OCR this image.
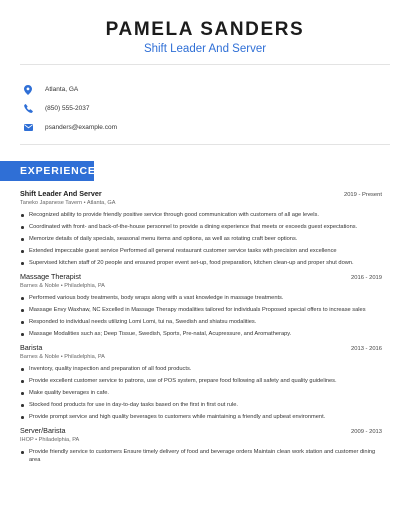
PAMELA SANDERS
Shift Leader And Server
Atlanta, GA
(850) 555-2037
psanders@example.com
EXPERIENCE
Shift Leader And Server	2019 - Present
Taneko Japanese Tavern • Atlanta, GA
Recognized ability to provide friendly positive service through good communication with customers of all age levels.
Coordinated with front- and back-of-the-house personnel to provide a dining experience that meets or exceeds guest expectations.
Memorize details of daily specials, seasonal menu items and options, as well as rotating craft beer options.
Extended impeccable guest service Performed all general restaurant customer service tasks with precision and excellence
Supervised kitchen staff of 20 people and ensured proper event set-up, food preparation, kitchen clean-up and proper shut down.
Massage Therapist	2016 - 2019
Barnes & Noble • Philadelphia, PA
Performed various body treatments, body wraps along with a vast knowledge in massage treatments.
Massage Envy Waxhaw, NC Excelled in Massage Therapy modalities tailored for individuals Proposed special offers to increase sales
Responded to individual needs utilizing Lomi Lomi, tui na, Swedish and shiatsu modalities.
Massage Modalities such as; Deep Tissue, Swedish, Sports, Pre-natal, Acupressure, and Aromatherapy.
Barista	2013 - 2016
Barnes & Noble • Philadelphia, PA
Inventory, quality inspection and preparation of all food products.
Provide excellent customer service to patrons, use of POS system, prepare food following all safety and quality guidelines.
Make quality beverages in cafe.
Stocked food products for use in day-to-day tasks based on the first in first out rule.
Provide prompt service and high quality beverages to customers while maintaining a friendly and upbeat environment.
Server/Barista	2009 - 2013
IHOP • Philadelphia, PA
Provide friendly service to customers Ensure timely delivery of food and beverage orders Maintain clean work station and customer dining area
